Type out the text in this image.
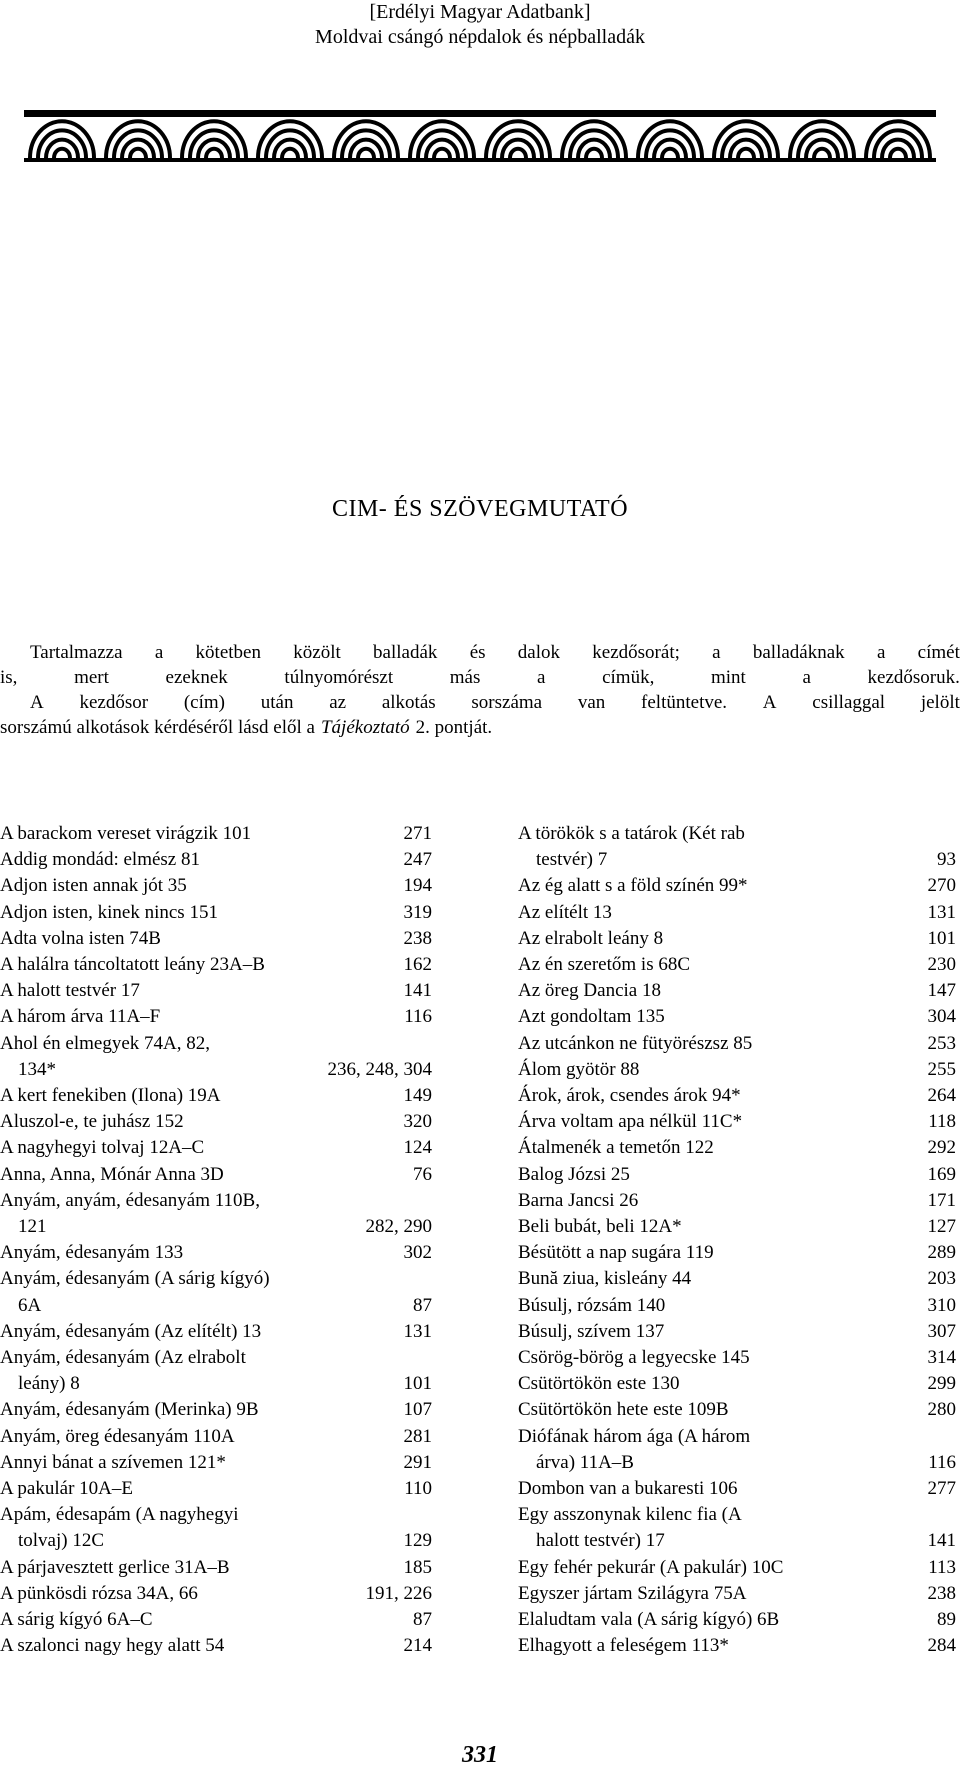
[Erdélyi Magyar Adatbank]
Moldvai csángó népdalok és népballadák
CIM- ÉS SZÖVEGMUTATÓ
Tartalmazza a kötetben közölt balladák és dalok kezdősorát; a balladáknak a címét
is,	mert	ezeknek	túlnyomórészt	más	a	címük,	mint	a	kezdősoruk.
A kezdősor (cím) után az alkotás sorszáma van feltüntetve. A csillaggal jelölt
sorszámú alkotások kérdéséről lásd elől a Tájékoztató 2. pontját.
A barackom vereset virágzik 101	271
Addig mondád: elmész 81	247
Adjon isten annak jót 35	194
Adjon isten, kinek nincs 151	319
Adta volna isten 74B	238
A halálra táncoltatott leány 23A–B	162
A halott testvér 17	141
A három árva 11A–F	116
Ahol én elmegyek 74A, 82,
134*	236, 248, 304
A kert fenekiben (Ilona) 19A	149
Aluszol-e, te juhász 152	320
A nagyhegyi tolvaj 12A–C	124
Anna, Anna, Mónár Anna 3D	76
Anyám, anyám, édesanyám 110B,
121	282, 290
Anyám, édesanyám 133	302
Anyám, édesanyám (A sárig kígyó)
6A	87
Anyám, édesanyám (Az elítélt) 13	131
Anyám, édesanyám (Az elrabolt
leány) 8	101
Anyám, édesanyám (Merinka) 9B	107
Anyám, öreg édesanyám 110A	281
Annyi bánat a szívemen 121*	291
A pakulár 10A–E	110
Apám, édesapám (A nagyhegyi
tolvaj) 12C	129
A párjavesztett gerlice 31A–B	185
A pünkösdi rózsa 34A, 66	191, 226
A sárig kígyó 6A–C	87
A szalonci nagy hegy alatt 54	214
A törökök s a tatárok (Két rab
testvér) 7	93
Az ég alatt s a föld színén 99*	270
Az elítélt 13	131
Az elrabolt leány 8	101
Az én szeretőm is 68C	230
Az öreg Dancia 18	147
Azt gondoltam 135	304
Az utcánkon ne fütyörészsz 85	253
Álom gyötör 88	255
Árok, árok, csendes árok 94*	264
Árva voltam apa nélkül 11C*	118
Átalmenék a temetőn 122	292
Balog Józsi 25	169
Barna Jancsi 26	171
Beli bubát, beli 12A*	127
Bésütött a nap sugára 119	289
Bună ziua, kisleány 44	203
Búsulj, rózsám 140	310
Búsulj, szívem 137	307
Csörög-börög a legyecske 145	314
Csütörtökön este 130	299
Csütörtökön hete este 109B	280
Diófának három ága (A három
árva) 11A–B	116
Dombon van a bukaresti 106	277
Egy asszonynak kilenc fia (A
halott testvér) 17	141
Egy fehér pekurár (A pakulár) 10C	113
Egyszer jártam Szilágyra 75A	238
Elaludtam vala (A sárig kígyó) 6B	89
Elhagyott a feleségem 113*	284
331
